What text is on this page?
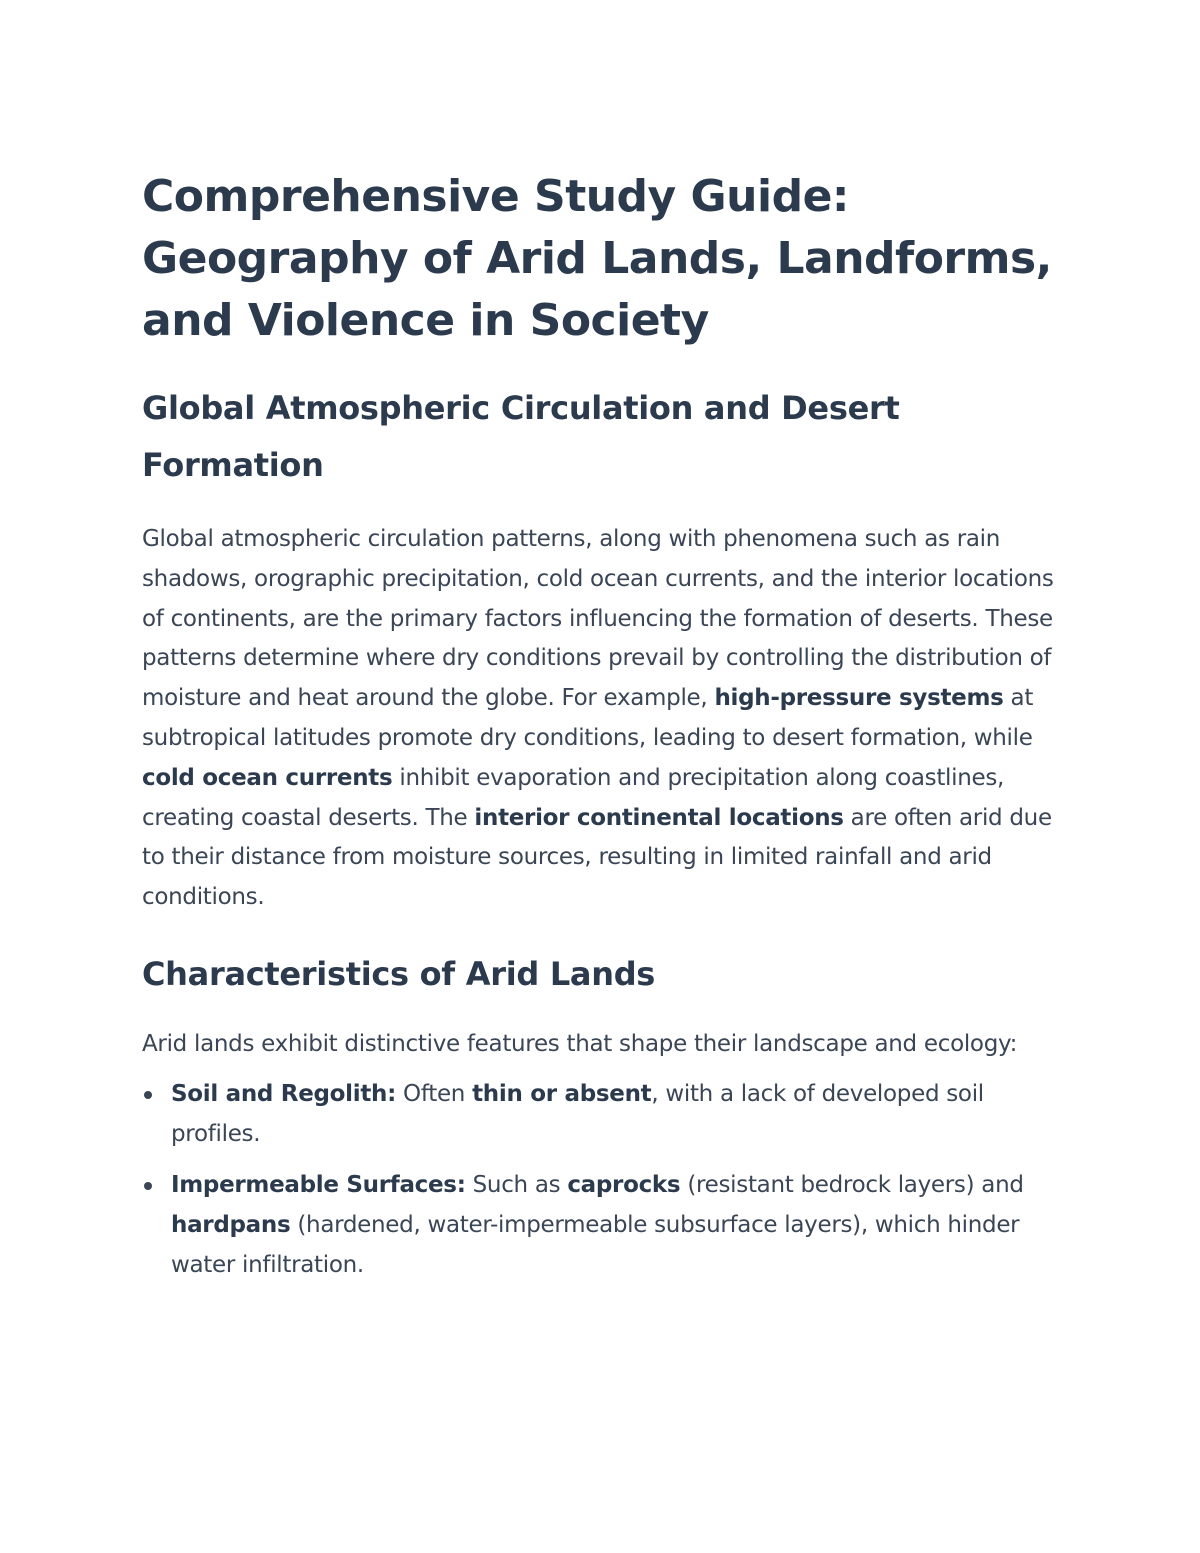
Comprehensive Study Guide: Geography of Arid Lands, Landforms, and Violence in Society
Global Atmospheric Circulation and Desert Formation

Global atmospheric circulation patterns, along with phenomena such as rain shadows, orographic precipitation, cold ocean currents, and the interior locations of continents, are the primary factors influencing the formation of deserts. These patterns determine where dry conditions prevail by controlling the distribution of moisture and heat around the globe. For example, high-pressure systems at subtropical latitudes promote dry conditions, leading to desert formation, while cold ocean currents inhibit evaporation and precipitation along coastlines, creating coastal deserts. The interior continental locations are often arid due to their distance from moisture sources, resulting in limited rainfall and arid conditions.

Characteristics of Arid Lands

Arid lands exhibit distinctive features that shape their landscape and ecology:

Soil and Regolith: Often thin or absent, with a lack of developed soil profiles.
Impermeable Surfaces: Such as caprocks (resistant bedrock layers) and hardpans (hardened, water-impermeable subsurface layers), which hinder water infiltration.
